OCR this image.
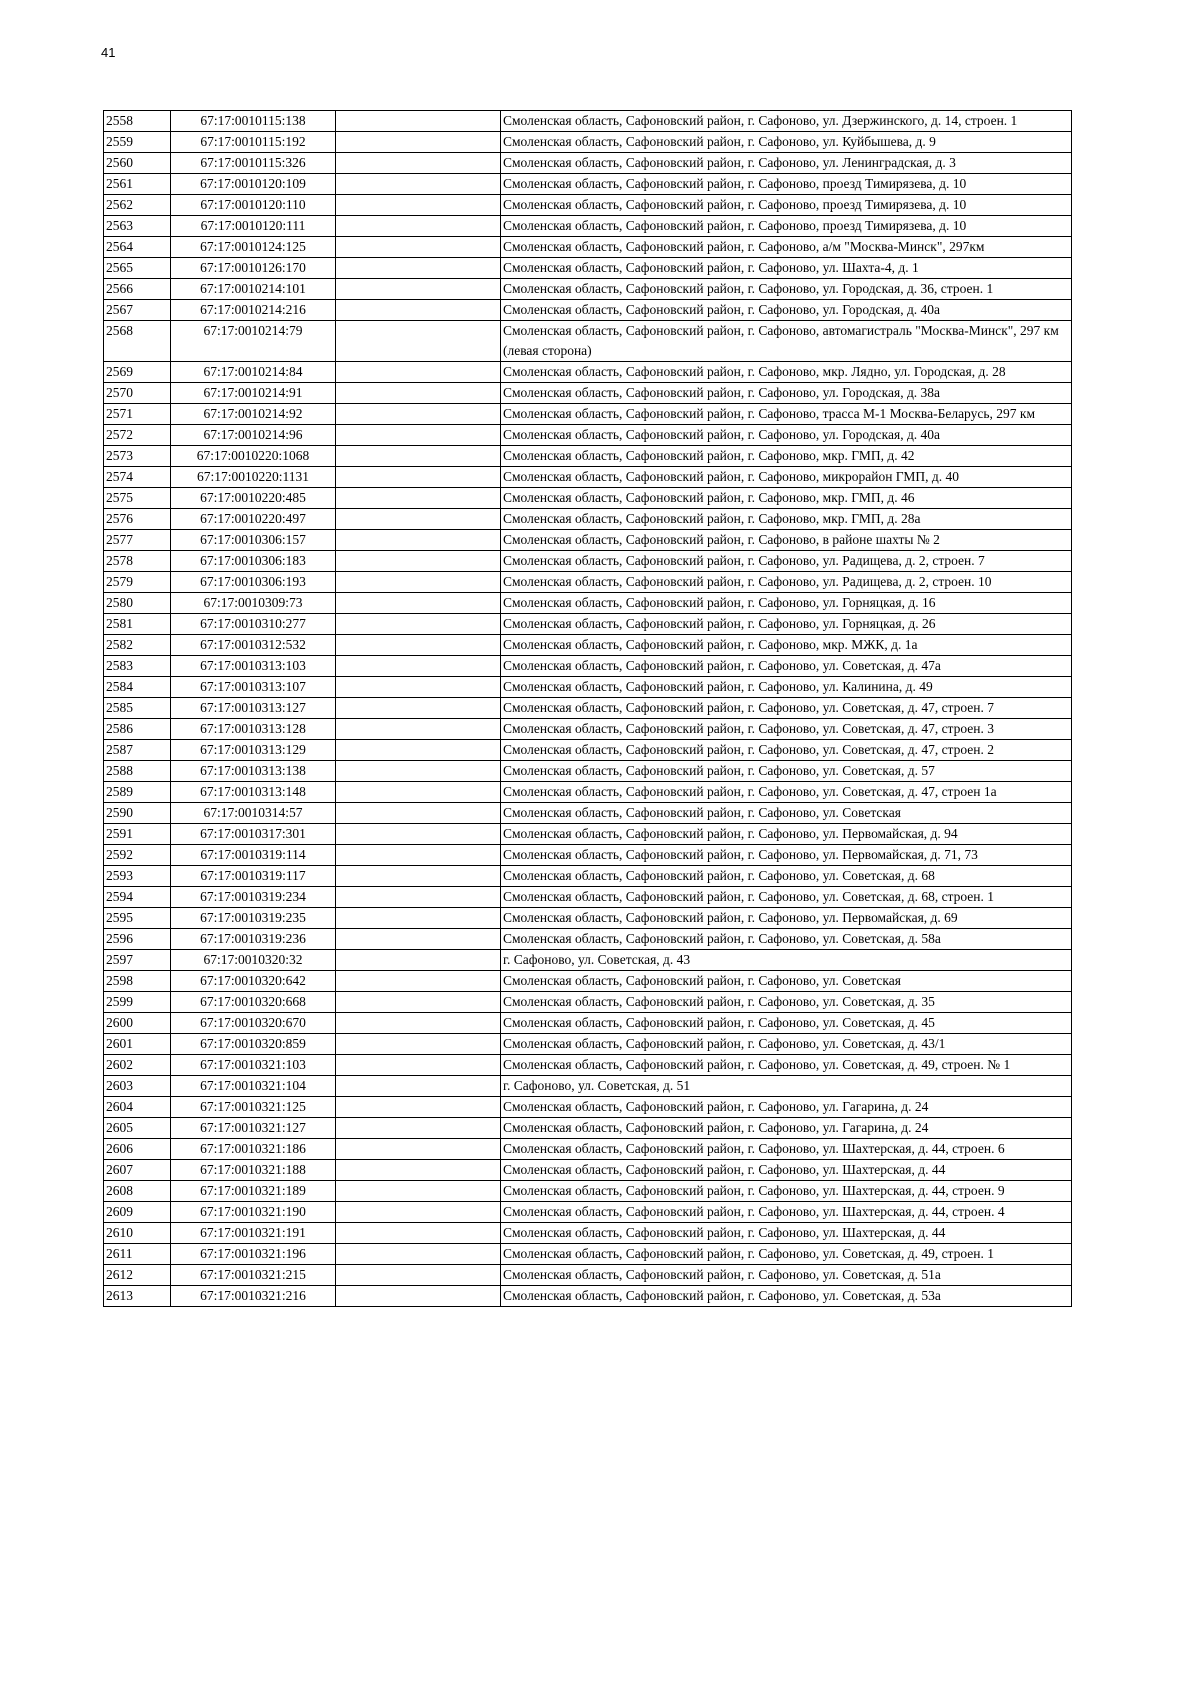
41
2558	67:17:0010115:138		Смоленская область, Сафоновский район, г. Сафоново, ул. Дзержинского, д. 14, строен. 1
2559	67:17:0010115:192		Смоленская область, Сафоновский район, г. Сафоново, ул. Куйбышева, д. 9
2560	67:17:0010115:326		Смоленская область, Сафоновский район, г. Сафоново, ул. Ленинградская, д. 3
2561	67:17:0010120:109		Смоленская область, Сафоновский район, г. Сафоново, проезд Тимирязева, д. 10
2562	67:17:0010120:110		Смоленская область, Сафоновский район, г. Сафоново, проезд Тимирязева, д. 10
2563	67:17:0010120:111		Смоленская область, Сафоновский район, г. Сафоново, проезд Тимирязева, д. 10
2564	67:17:0010124:125		Смоленская область, Сафоновский район, г. Сафоново, а/м "Москва-Минск", 297км
2565	67:17:0010126:170		Смоленская область, Сафоновский район, г. Сафоново, ул. Шахта-4, д. 1
2566	67:17:0010214:101		Смоленская область, Сафоновский район, г. Сафоново, ул. Городская, д. 36, строен. 1
2567	67:17:0010214:216		Смоленская область, Сафоновский район, г. Сафоново, ул. Городская, д. 40а
2568	67:17:0010214:79		Смоленская область, Сафоновский район, г. Сафоново, автомагистраль "Москва-Минск", 297 км (левая сторона)
2569	67:17:0010214:84		Смоленская область, Сафоновский район, г. Сафоново, мкр. Лядно, ул. Городская, д. 28
2570	67:17:0010214:91		Смоленская область, Сафоновский район, г. Сафоново, ул. Городская, д. 38а
2571	67:17:0010214:92		Смоленская область, Сафоновский район, г. Сафоново, трасса М-1 Москва-Беларусь, 297 км
2572	67:17:0010214:96		Смоленская область, Сафоновский район, г. Сафоново, ул. Городская, д. 40а
2573	67:17:0010220:1068		Смоленская область, Сафоновский район, г. Сафоново, мкр. ГМП, д. 42
2574	67:17:0010220:1131		Смоленская область, Сафоновский район, г. Сафоново, микрорайон ГМП, д. 40
2575	67:17:0010220:485		Смоленская область, Сафоновский район, г. Сафоново, мкр. ГМП, д. 46
2576	67:17:0010220:497		Смоленская область, Сафоновский район, г. Сафоново, мкр. ГМП, д. 28а
2577	67:17:0010306:157		Смоленская область, Сафоновский район, г. Сафоново, в районе шахты № 2
2578	67:17:0010306:183		Смоленская область, Сафоновский район, г. Сафоново, ул. Радищева, д. 2, строен. 7
2579	67:17:0010306:193		Смоленская область, Сафоновский район, г. Сафоново, ул. Радищева, д. 2, строен. 10
2580	67:17:0010309:73		Смоленская область, Сафоновский район, г. Сафоново, ул. Горняцкая, д. 16
2581	67:17:0010310:277		Смоленская область, Сафоновский район, г. Сафоново, ул. Горняцкая, д. 26
2582	67:17:0010312:532		Смоленская область, Сафоновский район, г. Сафоново, мкр. МЖК, д. 1а
2583	67:17:0010313:103		Смоленская область, Сафоновский район, г. Сафоново, ул. Советская, д. 47а
2584	67:17:0010313:107		Смоленская область, Сафоновский район, г. Сафоново, ул. Калинина, д. 49
2585	67:17:0010313:127		Смоленская область, Сафоновский район, г. Сафоново, ул. Советская, д. 47, строен. 7
2586	67:17:0010313:128		Смоленская область, Сафоновский район, г. Сафоново, ул. Советская, д. 47, строен. 3
2587	67:17:0010313:129		Смоленская область, Сафоновский район, г. Сафоново, ул. Советская, д. 47, строен. 2
2588	67:17:0010313:138		Смоленская область, Сафоновский район, г. Сафоново, ул. Советская, д. 57
2589	67:17:0010313:148		Смоленская область, Сафоновский район, г. Сафоново, ул. Советская, д. 47, строен 1а
2590	67:17:0010314:57		Смоленская область, Сафоновский район, г. Сафоново, ул. Советская
2591	67:17:0010317:301		Смоленская область, Сафоновский район, г. Сафоново, ул. Первомайская, д. 94
2592	67:17:0010319:114		Смоленская область, Сафоновский район, г. Сафоново, ул. Первомайская, д. 71, 73
2593	67:17:0010319:117		Смоленская область, Сафоновский район, г. Сафоново, ул. Советская, д. 68
2594	67:17:0010319:234		Смоленская область, Сафоновский район, г. Сафоново, ул. Советская, д. 68, строен. 1
2595	67:17:0010319:235		Смоленская область, Сафоновский район, г. Сафоново, ул. Первомайская, д. 69
2596	67:17:0010319:236		Смоленская область, Сафоновский район, г. Сафоново, ул. Советская, д. 58а
2597	67:17:0010320:32		г. Сафоново, ул. Советская, д. 43
2598	67:17:0010320:642		Смоленская область, Сафоновский район, г. Сафоново, ул. Советская
2599	67:17:0010320:668		Смоленская область, Сафоновский район, г. Сафоново, ул. Советская, д. 35
2600	67:17:0010320:670		Смоленская область, Сафоновский район, г. Сафоново, ул. Советская, д. 45
2601	67:17:0010320:859		Смоленская область, Сафоновский район, г. Сафоново, ул. Советская, д. 43/1
2602	67:17:0010321:103		Смоленская область, Сафоновский район, г. Сафоново, ул. Советская, д. 49, строен. № 1
2603	67:17:0010321:104		г. Сафоново, ул. Советская, д. 51
2604	67:17:0010321:125		Смоленская область, Сафоновский район, г. Сафоново, ул. Гагарина, д. 24
2605	67:17:0010321:127		Смоленская область, Сафоновский район, г. Сафоново, ул. Гагарина, д. 24
2606	67:17:0010321:186		Смоленская область, Сафоновский район, г. Сафоново, ул. Шахтерская, д. 44, строен. 6
2607	67:17:0010321:188		Смоленская область, Сафоновский район, г. Сафоново, ул. Шахтерская, д. 44
2608	67:17:0010321:189		Смоленская область, Сафоновский район, г. Сафоново, ул. Шахтерская, д. 44, строен. 9
2609	67:17:0010321:190		Смоленская область, Сафоновский район, г. Сафоново, ул. Шахтерская, д. 44, строен. 4
2610	67:17:0010321:191		Смоленская область, Сафоновский район, г. Сафоново, ул. Шахтерская, д. 44
2611	67:17:0010321:196		Смоленская область, Сафоновский район, г. Сафоново, ул. Советская, д. 49, строен. 1
2612	67:17:0010321:215		Смоленская область, Сафоновский район, г. Сафоново, ул. Советская, д. 51а
2613	67:17:0010321:216		Смоленская область, Сафоновский район, г. Сафоново, ул. Советская, д. 53а
